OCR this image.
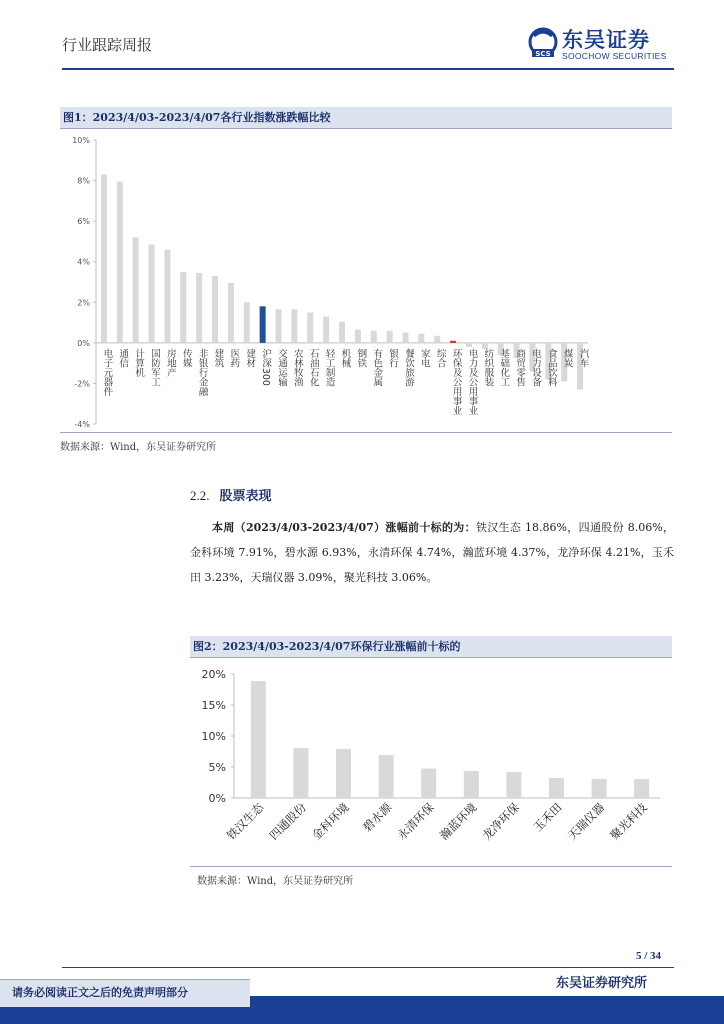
行业跟踪周报	SCS
东吴证券
SOOCHOW SECURITIES
图1：2023/4/03-2023/4/07各行业指数涨跌幅比较
-4%
-2%
0%
2%
4%
6%
8%
10%
电子元器件 通信 计算机 国防军工 房地产 传媒 非银行金融 建筑 医药 建材 沪深300 交通运输 农林牧渔 石油石化 轻工制造 机械 钢铁 有色金属 银行 餐饮旅游 家电 综合 环保及公用事业 电力及公用事业 纺织服装 基础化工 商贸零售 电力设备 食品饮料 煤炭 汽车
数据来源：Wind，东吴证券研究所
2.2. 股票表现
本周（2023/4/03-2023/4/07）涨幅前十标的为：铁汉生态 18.86%，四通股份 8.06%，金科环境 7.91%，碧水源 6.93%，永清环保 4.74%，瀚蓝环境 4.37%，龙净环保 4.21%，玉禾田 3.23%，天瑞仪器 3.09%，聚光科技 3.06%。
图2：2023/4/03-2023/4/07环保行业涨幅前十标的
0%
5%
10%
15%
20%
铁汉生态 四通股份 金科环境 碧水源 永清环保 瀚蓝环境 龙净环保 玉禾田 天瑞仪器 聚光科技
数据来源：Wind，东吴证券研究所
5 / 34
东吴证券研究所
请务必阅读正文之后的免责声明部分
